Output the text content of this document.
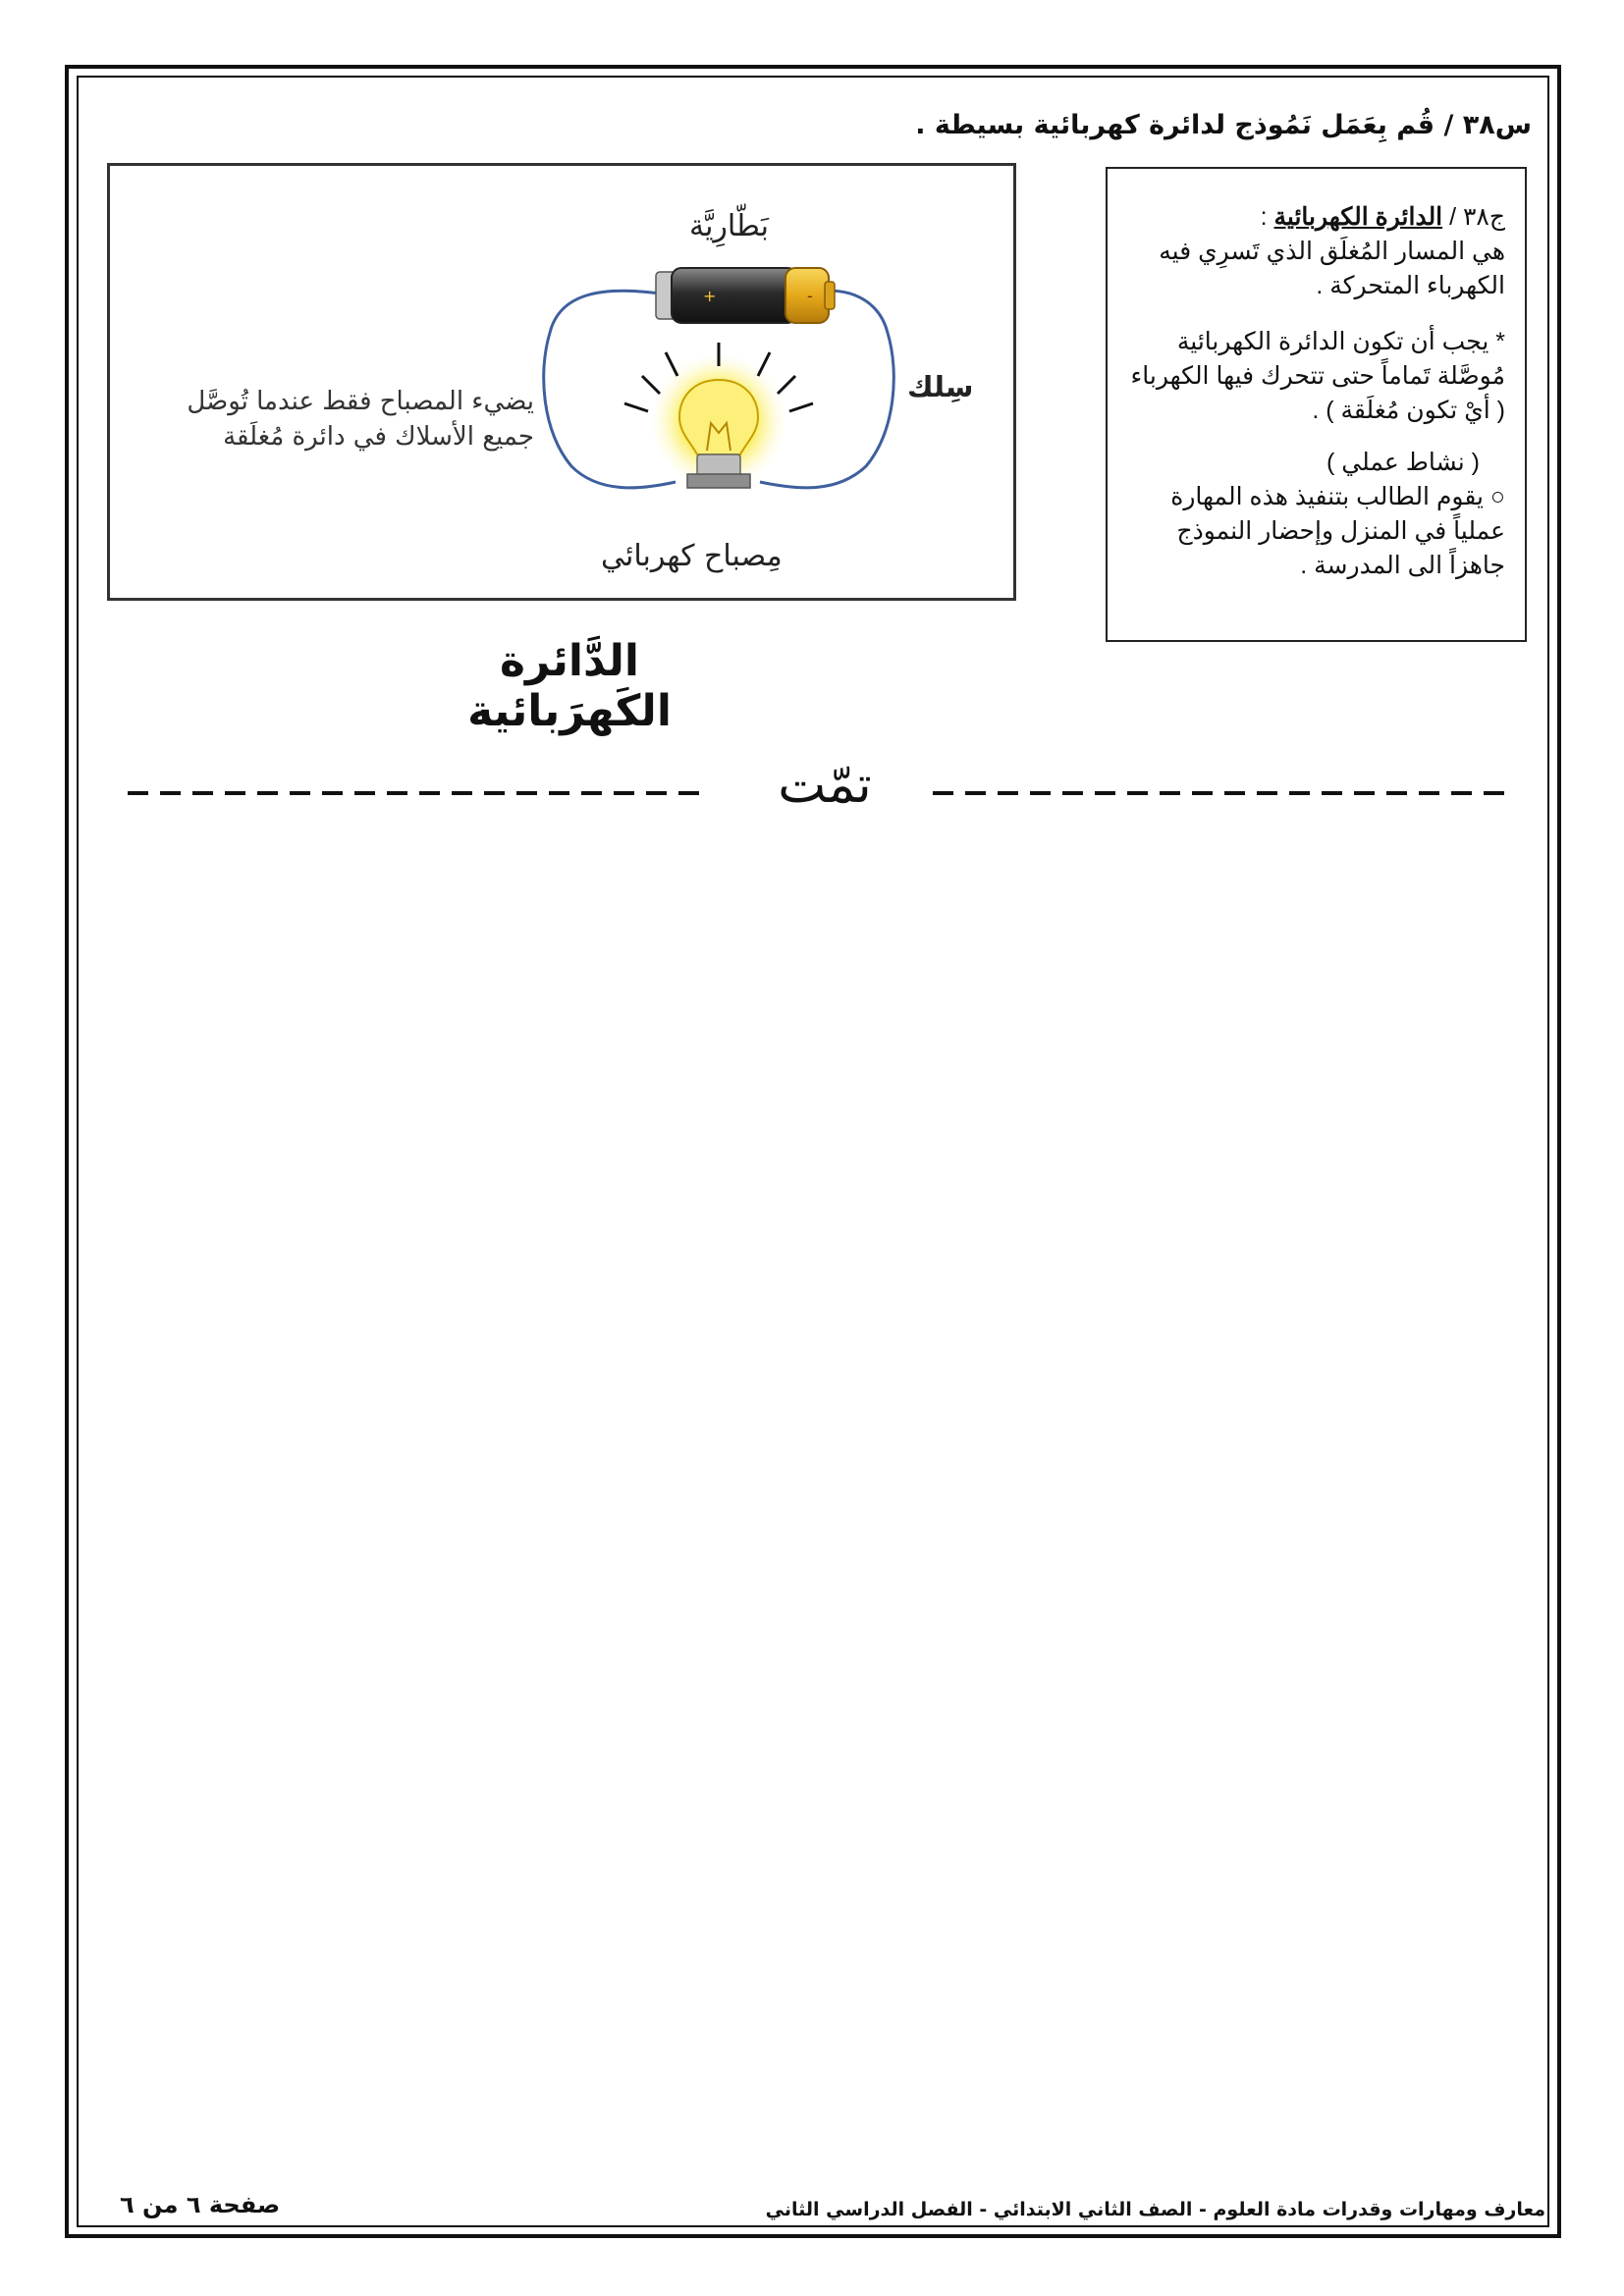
س٣٨ / قُم بِعَمَل نَمُوذج لدائرة كهربائية بسيطة .

ج٣٨ / الدائرة الكهربائية :

هي المسار المُغلَق الذي تَسرِي فيه الكهرباء المتحركة .

* يجب أن تكون الدائرة الكهربائية مُوصَّلة تَماماً حتى تتحرك فيها الكهرباء ( أيْ تكون مُغلَقة ) .

( نشاط عملي )

○ يقوم الطالب بتنفيذ هذه المهارة عملياً في المنزل وإحضار النموذج جاهزاً الى المدرسة .

+	-
بَطّارِيَّة
سِلك
مِصباح كهربائي
يضيء المصباح فقط عندما تُوصَّل
جميع الأسلاك في دائرة مُغلَقة
الدَّائرة الكَهرَبائية
تمّت
صفحة ٦ من ٦	معارف ومهارات وقدرات مادة العلوم - الصف الثاني الابتدائي - الفصل الدراسي الثاني
